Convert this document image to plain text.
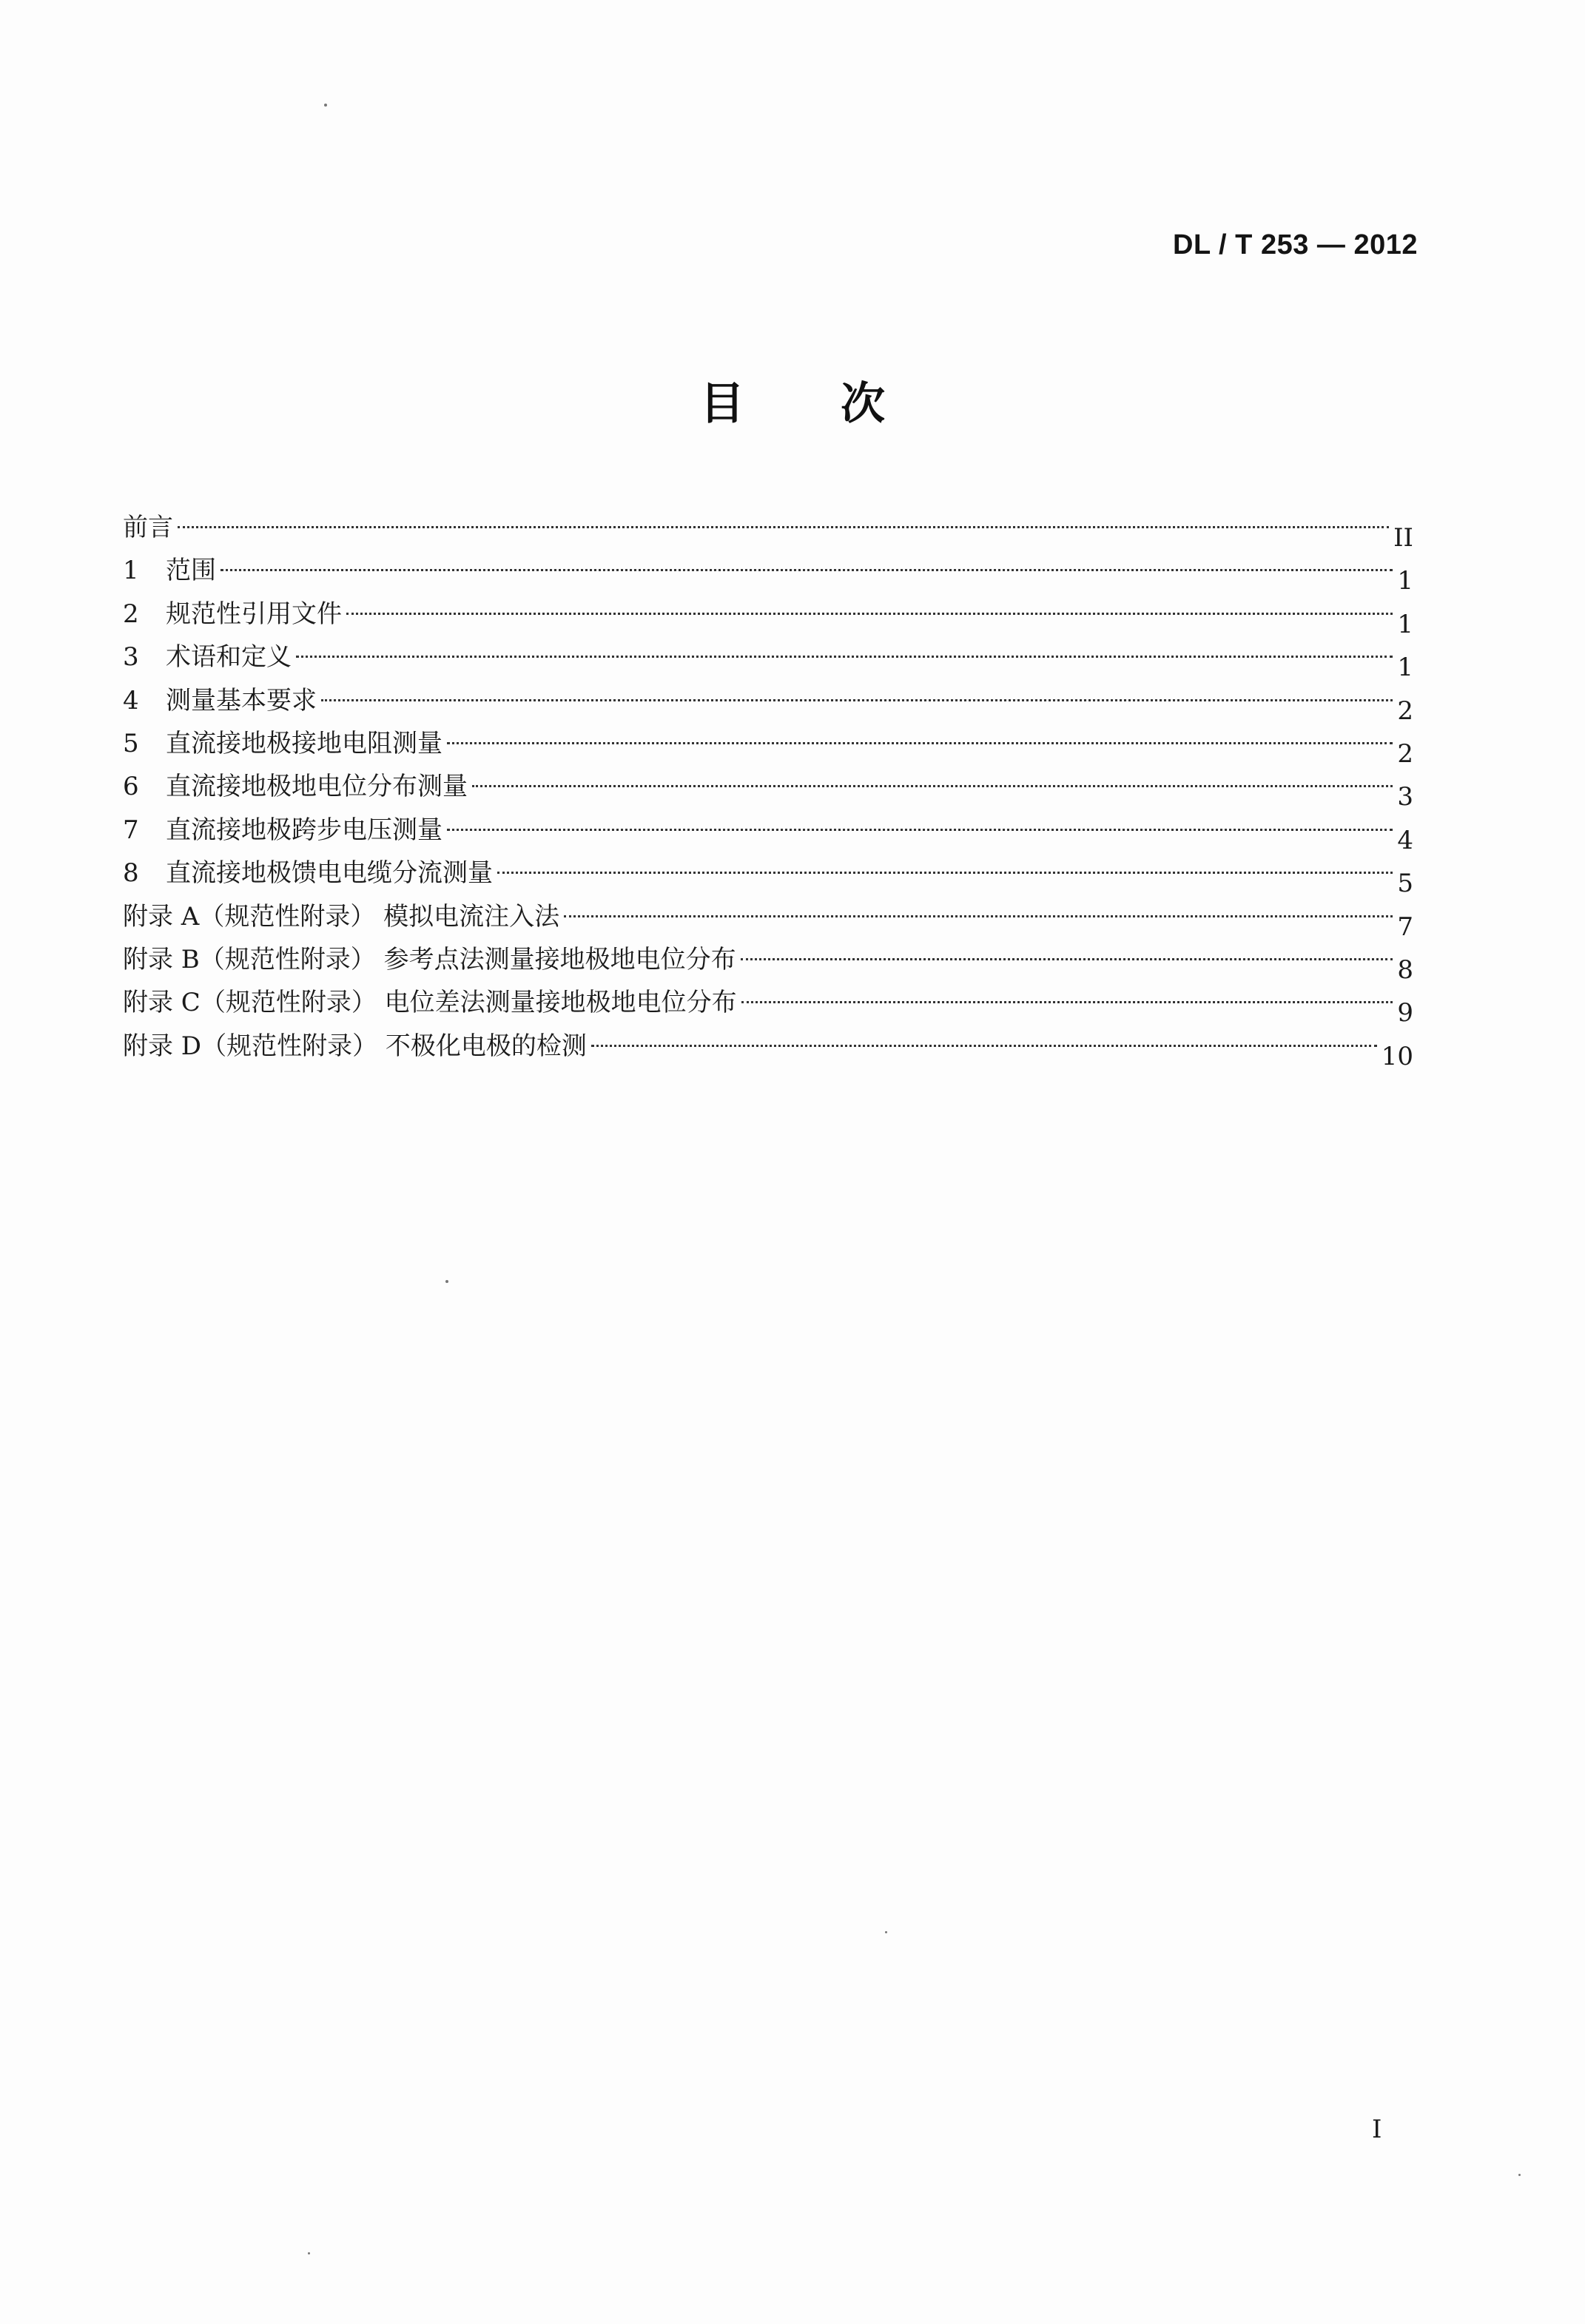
DL / T 253 — 2012
目次
前言	II
1	范围	1
2	规范性引用文件	1
3	术语和定义	1
4	测量基本要求	2
5	直流接地极接地电阻测量	2
6	直流接地极地电位分布测量	3
7	直流接地极跨步电压测量	4
8	直流接地极馈电电缆分流测量	5
附录 A（规范性附录） 模拟电流注入法	7
附录 B（规范性附录） 参考点法测量接地极地电位分布	8
附录 C（规范性附录） 电位差法测量接地极地电位分布	9
附录 D（规范性附录） 不极化电极的检测	10
I
